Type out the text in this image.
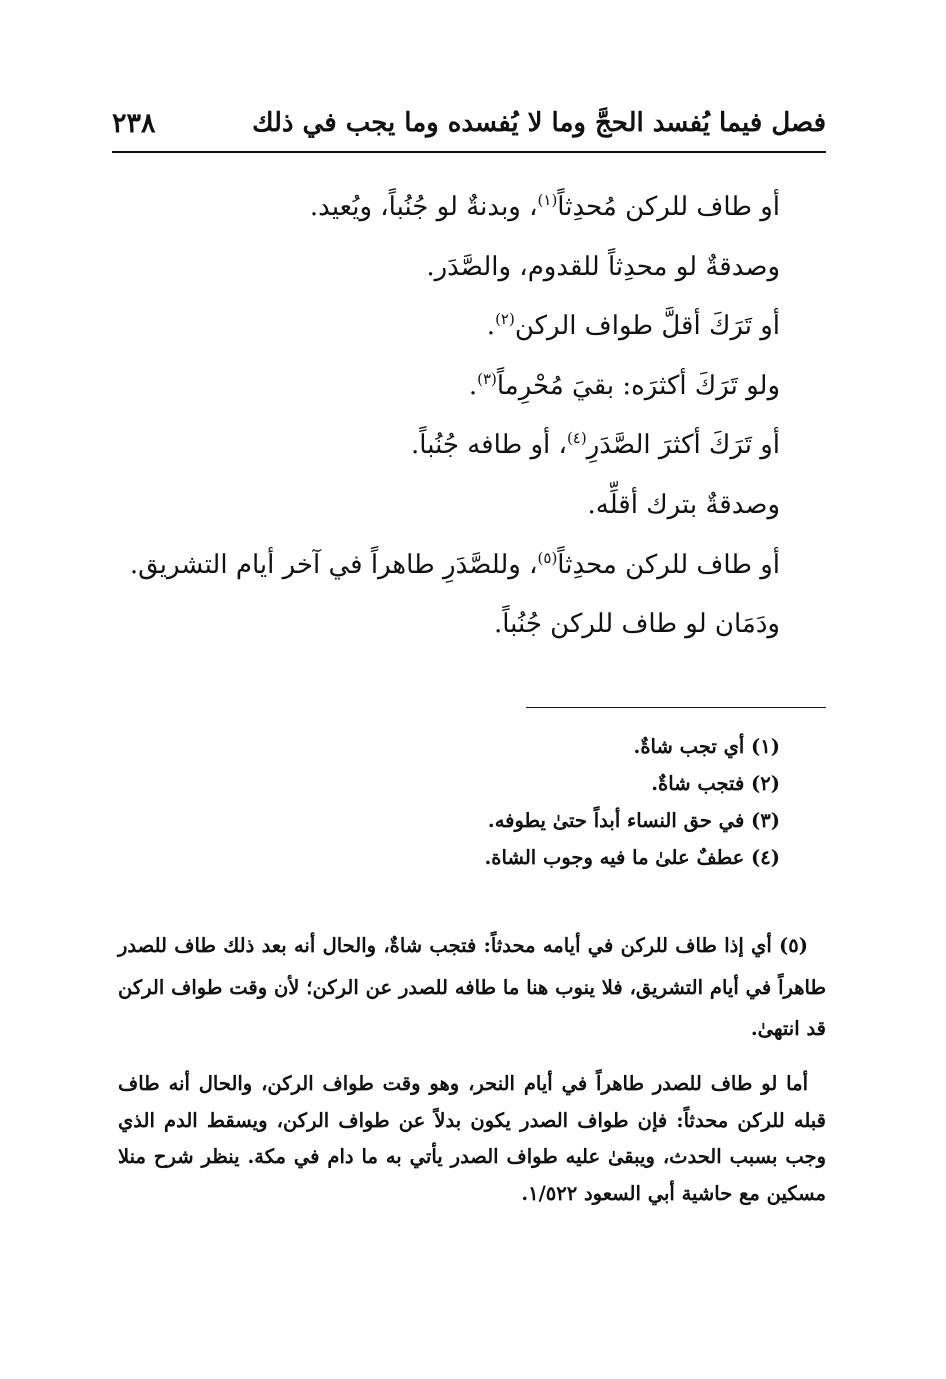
فصل فيما يُفسد الحجَّ وما لا يُفسده وما يجب في ذلك
٢٣٨
أو طاف للركن مُحدِثاً$^{(١)}$، وبدنةٌ لو جُنُباً، ويُعيد.
وصدقةٌ لو محدِثاً للقدوم، والصَّدَر.
أو تَرَكَ أقلَّ طواف الركن$^{(٢)}$.
ولو تَرَكَ أكثرَه: بقيَ مُحْرِماً$^{(٣)}$.
أو تَرَكَ أكثرَ الصَّدَرِ$^{(٤)}$، أو طافه جُنُباً.
وصدقةٌ بترك أقلِّه.
أو طاف للركن محدِثاً$^{(٥)}$، وللصَّدَرِ طاهراً في آخر أيام التشريق.
ودَمَان لو طاف للركن جُنُباً.
(١) أي تجب شاةٌ.
(٢) فتجب شاةٌ.
(٣) في حق النساء أبداً حتىٰ يطوفه.
(٤) عطفٌ علىٰ ما فيه وجوب الشاة.
(٥) أي إذا طاف للركن في أيامه محدثاً: فتجب شاةٌ، والحال أنه بعد ذلك طاف للصدر طاهراً في أيام التشريق، فلا ينوب هنا ما طافه للصدر عن الركن؛ لأن وقت طواف الركن قد انتهىٰ.
أما لو طاف للصدر طاهراً في أيام النحر، وهو وقت طواف الركن، والحال أنه طاف قبله للركن محدثاً: فإن طواف الصدر يكون بدلاً عن طواف الركن، ويسقط الدم الذي وجب بسبب الحدث، ويبقىٰ عليه طواف الصدر يأتي به ما دام في مكة. ينظر شرح منلا مسكين مع حاشية أبي السعود ١/٥٢٢.
